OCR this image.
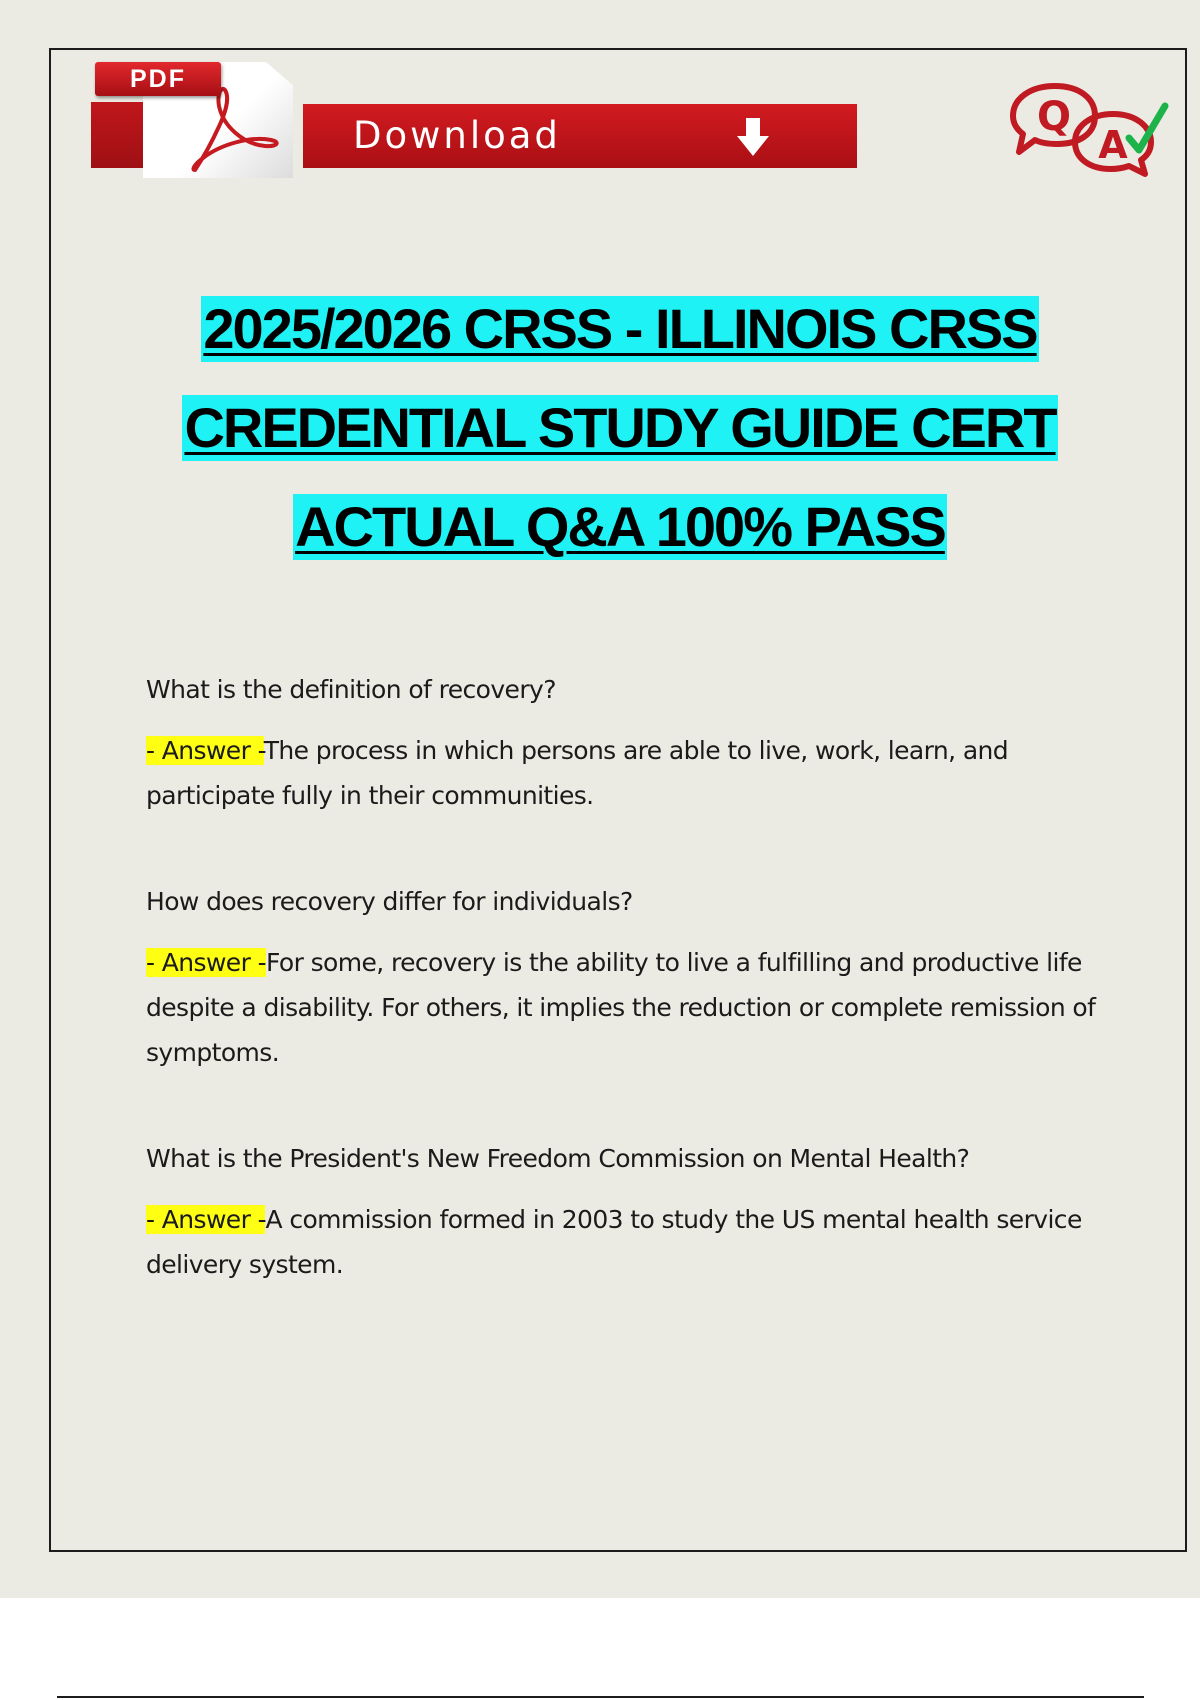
PDF
Download	Q
A
2025/2026 CRSS - ILLINOIS CRSS
CREDENTIAL STUDY GUIDE CERT
ACTUAL Q&A 100% PASS

What is the definition of recovery?

- Answer -The process in which persons are able to live, work, learn, and participate fully in their communities.

How does recovery differ for individuals?

- Answer -For some, recovery is the ability to live a fulfilling and productive life despite a disability. For others, it implies the reduction or complete remission of symptoms.

What is the President's New Freedom Commission on Mental Health?

- Answer -A commission formed in 2003 to study the US mental health service delivery system.
